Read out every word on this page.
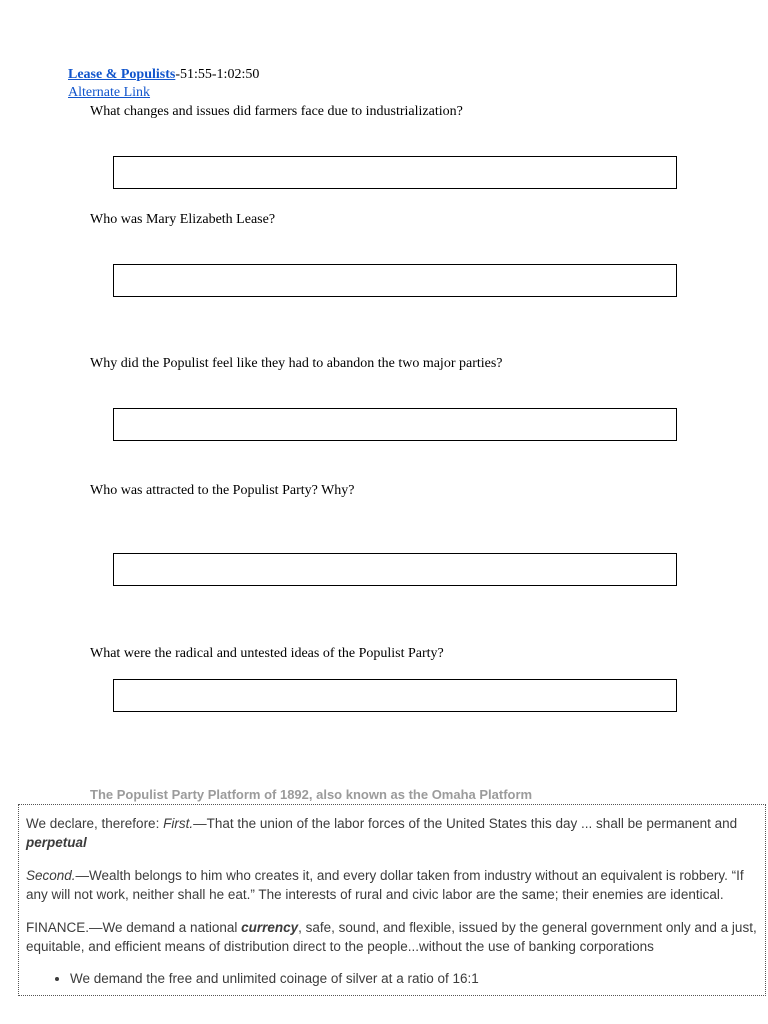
Lease & Populists-51:55-1:02:50
Alternate Link
What changes and issues did farmers face due to industrialization?
Who was Mary Elizabeth Lease?
Why did the Populist feel like they had to abandon the two major parties?
Who was attracted to the Populist Party? Why?
What were the radical and untested ideas of the Populist Party?
The Populist Party Platform of 1892, also known as the Omaha Platform

We declare, therefore: First.—That the union of the labor forces of the United States this day ... shall be permanent and perpetual

Second.—Wealth belongs to him who creates it, and every dollar taken from industry without an equivalent is robbery. “If any will not work, neither shall he eat.” The interests of rural and civic labor are the same; their enemies are identical.

FINANCE.—We demand a national currency, safe, sound, and flexible, issued by the general government only and a just, equitable, and efficient means of distribution direct to the people...without the use of banking corporations

• We demand the free and unlimited coinage of silver at a ratio of 16:1
